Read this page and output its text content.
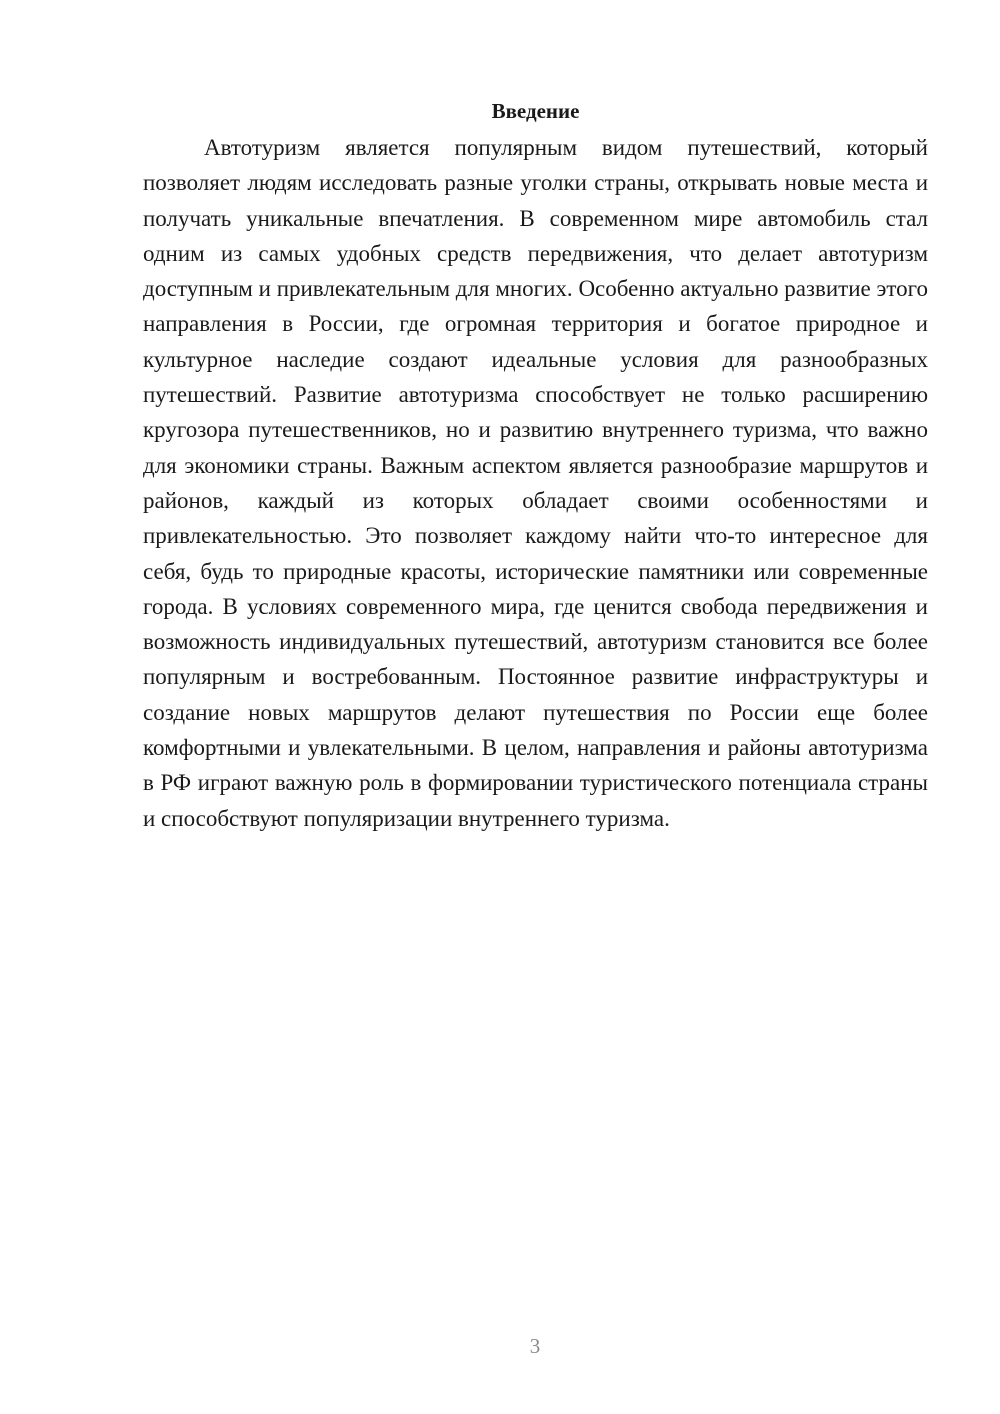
Введение

Автотуризм является популярным видом путешествий, который позволяет людям исследовать разные уголки страны, открывать новые места и получать уникальные впечатления. В современном мире автомобиль стал одним из самых удобных средств передвижения, что делает автотуризм доступным и привлекательным для многих. Особенно актуально развитие этого направления в России, где огромная территория и богатое природное и культурное наследие создают идеальные условия для разнообразных путешествий. Развитие автотуризма способствует не только расширению кругозора путешественников, но и развитию внутреннего туризма, что важно для экономики страны. Важным аспектом является разнообразие маршрутов и районов, каждый из которых обладает своими особенностями и привлекательностью. Это позволяет каждому найти что-то интересное для себя, будь то природные красоты, исторические памятники или современные города. В условиях современного мира, где ценится свобода передвижения и возможность индивидуальных путешествий, автотуризм становится все более популярным и востребованным. Постоянное развитие инфраструктуры и создание новых маршрутов делают путешествия по России еще более комфортными и увлекательными. В целом, направления и районы автотуризма в РФ играют важную роль в формировании туристического потенциала страны и способствуют популяризации внутреннего туризма.

3
